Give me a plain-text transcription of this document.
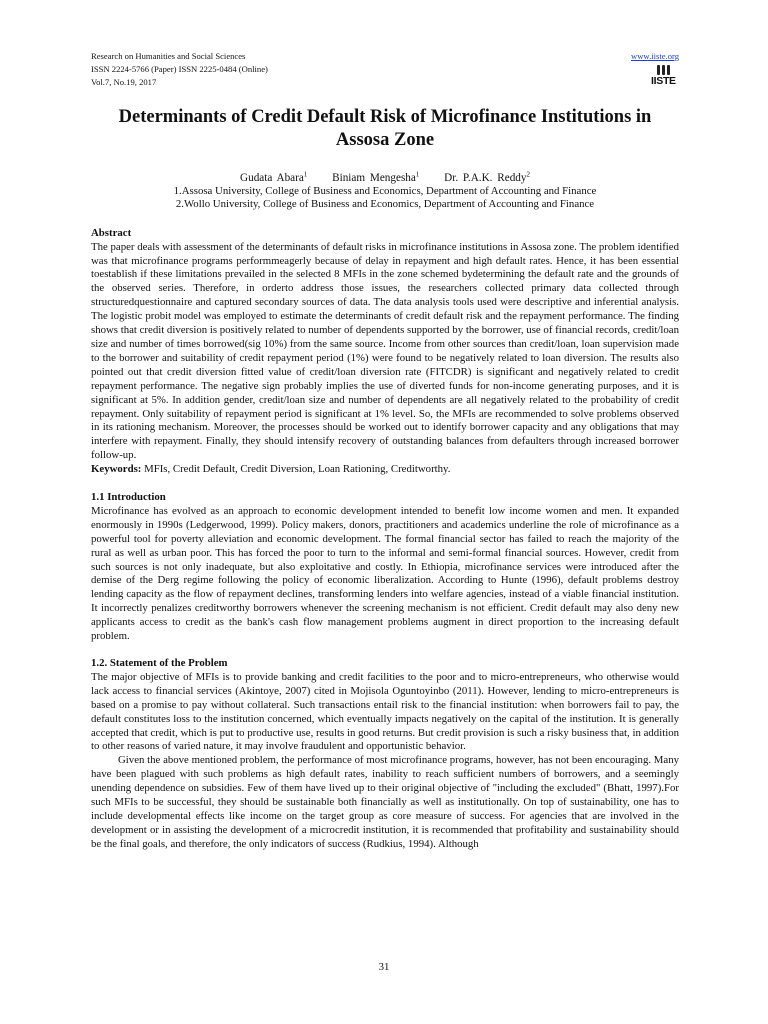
Research on Humanities and Social Sciences
ISSN 2224-5766 (Paper) ISSN 2225-0484 (Online)
Vol.7, No.19, 2017
www.iiste.org
IISTE
Determinants of Credit Default Risk of Microfinance Institutions in Assosa Zone
Gudata Abara$^1$ Biniam Mengesha$^1$ Dr. P.A.K. Reddy$^2$
1.Assosa University, College of Business and Economics, Department of Accounting and Finance
2.Wollo University, College of Business and Economics, Department of Accounting and Finance
Abstract

The paper deals with assessment of the determinants of default risks in microfinance institutions in Assosa zone. The problem identified was that microfinance programs performmeagerly because of delay in repayment and high default rates. Hence, it has been essential toestablish if these limitations prevailed in the selected 8 MFIs in the zone schemed bydetermining the default rate and the grounds of the observed series. Therefore, in orderto address those issues, the researchers collected primary data collected through structuredquestionnaire and captured secondary sources of data. The data analysis tools used were descriptive and inferential analysis. The logistic probit model was employed to estimate the determinants of credit default risk and the repayment performance. The finding shows that credit diversion is positively related to number of dependents supported by the borrower, use of financial records, credit/loan size and number of times borrowed(sig 10%) from the same source. Income from other sources than credit/loan, loan supervision made to the borrower and suitability of credit repayment period (1%) were found to be negatively related to loan diversion. The results also pointed out that credit diversion fitted value of credit/loan diversion rate (FITCDR) is significant and negatively related to credit repayment performance. The negative sign probably implies the use of diverted funds for non-income generating purposes, and it is significant at 5%. In addition gender, credit/loan size and number of dependents are all negatively related to the probability of credit repayment. Only suitability of repayment period is significant at 1% level. So, the MFIs are recommended to solve problems observed in its rationing mechanism. Moreover, the processes should be worked out to identify borrower capacity and any obligations that may interfere with repayment. Finally, they should intensify recovery of outstanding balances from defaulters through increased borrower follow-up.

Keywords: MFIs, Credit Default, Credit Diversion, Loan Rationing, Creditworthy.

1.1 Introduction

Microfinance has evolved as an approach to economic development intended to benefit low income women and men. It expanded enormously in 1990s (Ledgerwood, 1999). Policy makers, donors, practitioners and academics underline the role of microfinance as a powerful tool for poverty alleviation and economic development. The formal financial sector has failed to reach the majority of the rural as well as urban poor. This has forced the poor to turn to the informal and semi-formal financial sources. However, credit from such sources is not only inadequate, but also exploitative and costly. In Ethiopia, microfinance services were introduced after the demise of the Derg regime following the policy of economic liberalization. According to Hunte (1996), default problems destroy lending capacity as the flow of repayment declines, transforming lenders into welfare agencies, instead of a viable financial institution. It incorrectly penalizes creditworthy borrowers whenever the screening mechanism is not efficient. Credit default may also deny new applicants access to credit as the bank's cash flow management problems augment in direct proportion to the increasing default problem.

1.2. Statement of the Problem

The major objective of MFIs is to provide banking and credit facilities to the poor and to micro-entrepreneurs, who otherwise would lack access to financial services (Akintoye, 2007) cited in Mojisola Oguntoyinbo (2011). However, lending to micro-entrepreneurs is based on a promise to pay without collateral. Such transactions entail risk to the financial institution: when borrowers fail to pay, the default constitutes loss to the institution concerned, which eventually impacts negatively on the capital of the institution. It is generally accepted that credit, which is put to productive use, results in good returns. But credit provision is such a risky business that, in addition to other reasons of varied nature, it may involve fraudulent and opportunistic behavior.

Given the above mentioned problem, the performance of most microfinance programs, however, has not been encouraging. Many have been plagued with such problems as high default rates, inability to reach sufficient numbers of borrowers, and a seemingly unending dependence on subsidies. Few of them have lived up to their original objective of "including the excluded" (Bhatt, 1997).For such MFIs to be successful, they should be sustainable both financially as well as institutionally. On top of sustainability, one has to include developmental effects like income on the target group as core measure of success. For agencies that are involved in the development or in assisting the development of a microcredit institution, it is recommended that profitability and sustainability should be the final goals, and therefore, the only indicators of success (Rudkius, 1994). Although

31
